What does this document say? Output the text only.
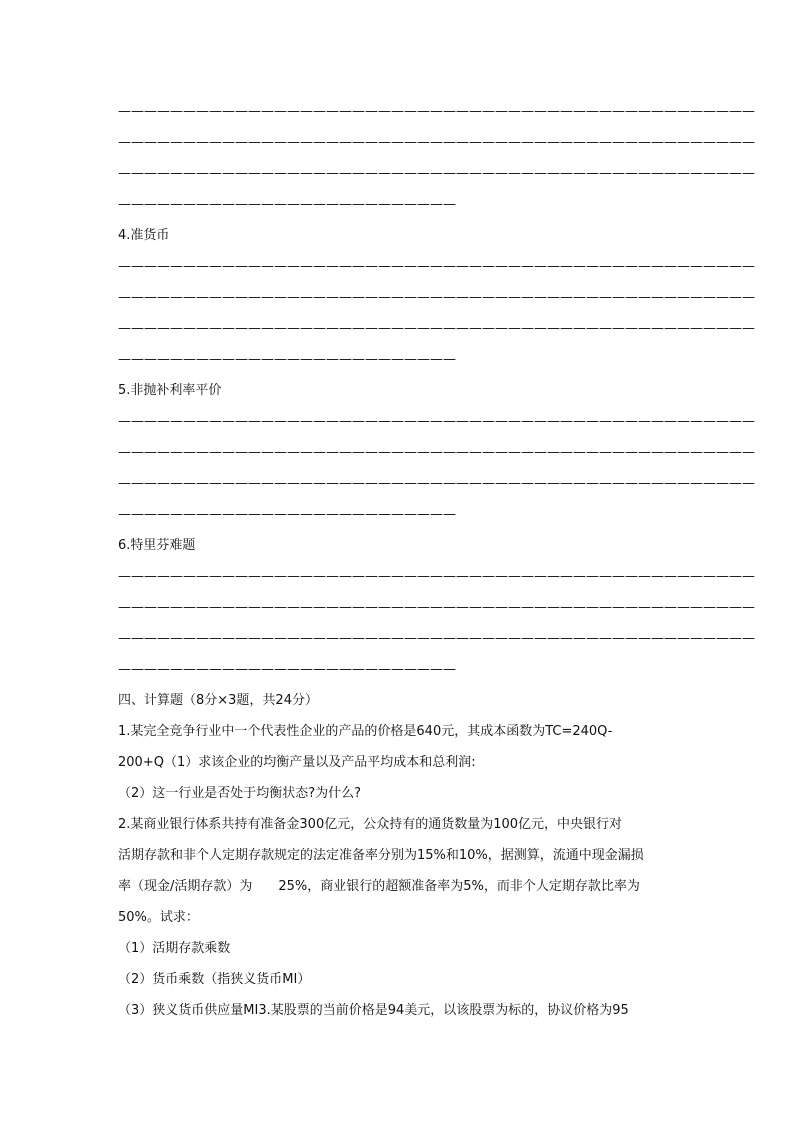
—————————————————————————————————————————————————
—————————————————————————————————————————————————
—————————————————————————————————————————————————
——————————————————————————
4.准货币
—————————————————————————————————————————————————
—————————————————————————————————————————————————
—————————————————————————————————————————————————
——————————————————————————
5.非抛补利率平价
—————————————————————————————————————————————————
—————————————————————————————————————————————————
—————————————————————————————————————————————————
——————————————————————————
6.特里芬难题
—————————————————————————————————————————————————
—————————————————————————————————————————————————
—————————————————————————————————————————————————
——————————————————————————
四、计算题（8分×3题，共24分）
1.某完全竞争行业中一个代表性企业的产品的价格是640元，其成本函数为TC=240Q-
200+Q（1）求该企业的均衡产量以及产品平均成本和总利润:
（2）这一行业是否处于均衡状态?为什么?
2.某商业银行体系共持有准备金300亿元，公众持有的通货数量为100亿元，中央银行对
活期存款和非个人定期存款规定的法定准备率分别为15%和10%，据测算，流通中现金漏损
率（现金/活期存款）为　　25%，商业银行的超额准备率为5%，而非个人定期存款比率为
50%。试求：
（1）活期存款乘数
（2）货币乘数（指狭义货币MI）
（3）狭义货币供应量MI3.某股票的当前价格是94美元，以该股票为标的，协议价格为95
